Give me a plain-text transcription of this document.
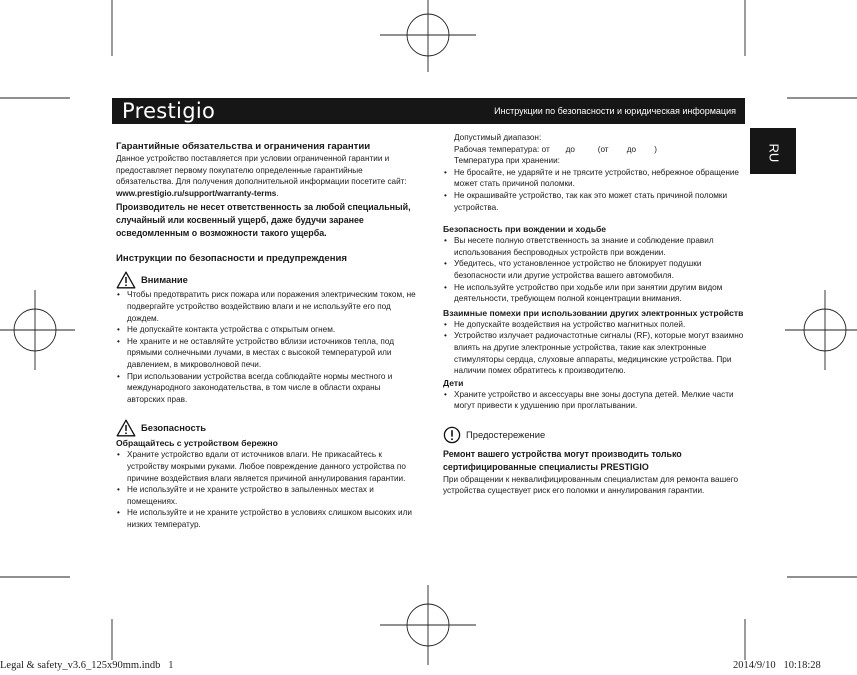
Prestigio	Инструкции по безопасности и юридическая информация
RU
Гарантийные обязательства и ограничения гарантии

Данное устройство поставляется при условии ограниченной гарантии и предоставляет первому покупателю определенные гарантийные обязательства. Для получения дополнительной информации посетите сайт: www.prestigio.ru/support/warranty-terms.

Производитель не несет ответственность за любой специальный, случайный или косвенный ущерб, даже будучи заранее осведомленным о возможности такого ущерба.

Инструкции по безопасности и предупреждения
Внимание
• Чтобы предотвратить риск пожара или поражения электрическим током, не подвергайте устройство воздействию влаги и не используйте его под дождем.
• Не допускайте контакта устройства с открытым огнем.
• Не храните и не оставляйте устройство вблизи источников тепла, под прямыми солнечными лучами, в местах с высокой температурой или давлением, в микроволновой печи.
• При использовании устройства всегда соблюдайте нормы местного и международного законодательства, в том числе в области охраны авторских прав.
Безопасность
Обращайтесь с устройством бережно
• Храните устройство вдали от источников влаги. Не прикасайтесь к устройству мокрыми руками. Любое повреждение данного устройства по причине воздействия влаги является причиной аннулирования гарантии.
• Не используйте и не храните устройство в запыленных местах и помещениях.
• Не используйте и не храните устройство в условиях слишком высоких или низких температур.

Допустимый диапазон:

Рабочая температура: от       до          (от        до        )

Температура при хранении:

• Не бросайте, не ударяйте и не трясите устройство, небрежное обращение может стать причиной поломки.
• Не окрашивайте устройство, так как это может стать причиной поломки устройства.
Безопасность при вождении и ходьбе
• Вы несете полную ответственность за знание и соблюдение правил использования беспроводных устройств при вождении.
• Убедитесь, что установленное устройство не блокирует подушки безопасности или другие устройства вашего автомобиля.
• Не используйте устройство при ходьбе или при занятии другим видом деятельности, требующем полной концентрации внимания.
Взаимные помехи при использовании других электронных устройств
• Не допускайте воздействия на устройство магнитных полей.
• Устройство излучает радиочастотные сигналы (RF), которые могут взаимно влиять на другие электронные устройства, такие как электронные стимуляторы сердца, слуховые аппараты, медицинские устройства. При наличии помех обратитесь к производителю.
Дети
• Храните устройство и аксессуары вне зоны доступа детей. Мелкие части могут привести к удушению при проглатывании.
Предостережение

Ремонт вашего устройства могут производить только сертифицированные специалисты PRESTIGIO

При обращении к неквалифицированным специалистам для ремонта вашего устройства существует риск его поломки и аннулирования гарантии.

Legal & safety_v3.6_125x90mm.indb   1	2014/9/10   10:18:28
